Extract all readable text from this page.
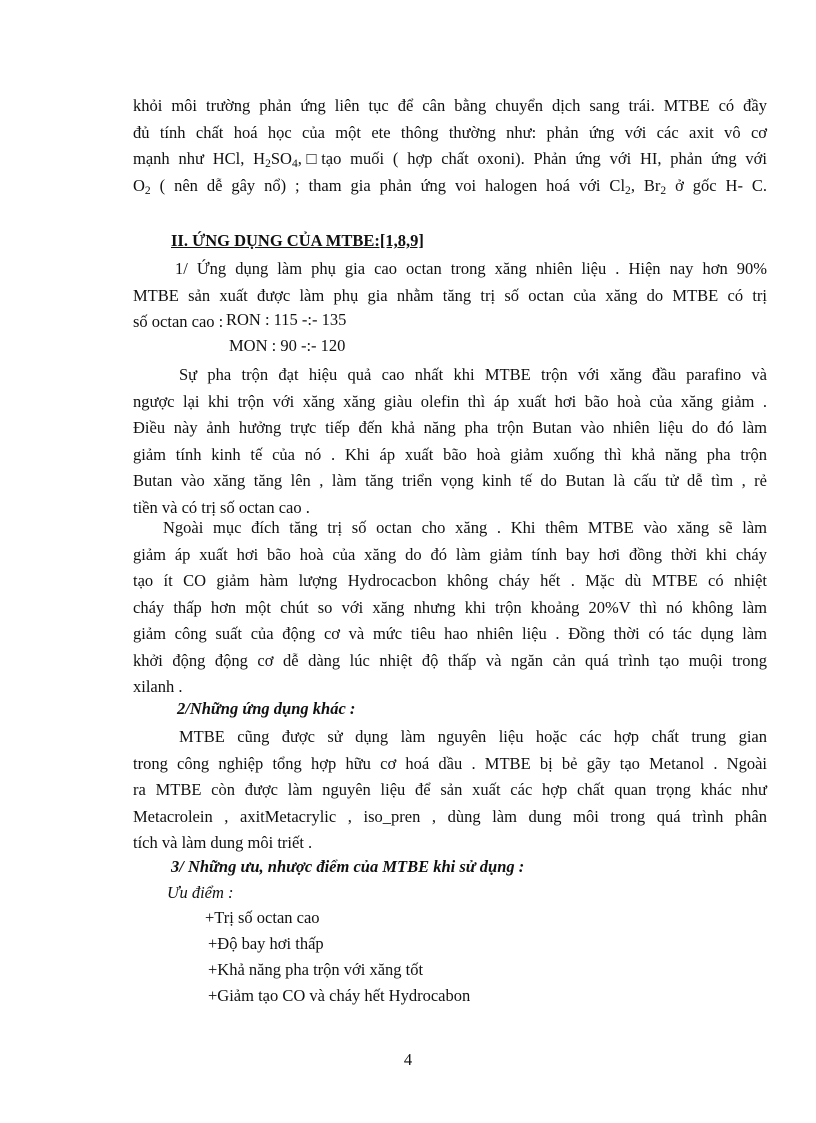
khỏi môi trường phản ứng liên tục để cân bằng chuyển dịch sang trái. MTBE có đầy
đủ tính chất hoá học của một ete thông thường như: phản ứng với các axit vô cơ
mạnh như HCl, $H_2SO_4,□tạo$ muối ( hợp chất oxoni). Phản ứng với HI, phản ứng với
$O_2$ ( nên dễ gây nổ) ; tham gia phản ứng voi halogen hoá với $Cl_2$, $Br_2$ ở gốc H- C.
II. ỨNG DỤNG CỦA MTBE:[1,8,9]
1/ Ứng dụng làm phụ gia cao octan trong xăng nhiên liệu . Hiện nay hơn 90%
MTBE sản xuất được làm phụ gia nhằm tăng trị số octan của xăng do MTBE có trị
số octan cao : RON : 115 -:- 135
MON : 90 -:- 120
Sự pha trộn đạt hiệu quả cao nhất khi MTBE trộn với xăng đầu parafino và
ngược lại khi trộn với xăng xăng giàu olefin thì áp xuất hơi bão hoà của xăng giảm .
Điều này ảnh hưởng trực tiếp đến khả năng pha trộn Butan vào nhiên liệu do đó làm
giảm tính kinh tế của nó . Khi áp xuất bão hoà giảm xuống thì khả năng pha trộn
Butan vào xăng tăng lên , làm tăng triển vọng kinh tế do Butan là cấu tử dễ tìm , rẻ
tiền và có trị số octan cao .
Ngoài mục đích tăng trị số octan cho xăng . Khi thêm MTBE vào xăng sẽ làm
giảm áp xuất hơi bão hoà của xăng do đó làm giảm tính bay hơi đồng thời khi cháy
tạo ít CO giảm hàm lượng Hydrocacbon không cháy hết . Mặc dù MTBE có nhiệt
cháy thấp hơn một chút so với xăng nhưng khi trộn khoảng 20%V thì nó không làm
giảm công suất của động cơ và mức tiêu hao nhiên liệu . Đồng thời có tác dụng làm
khởi động động cơ dễ dàng lúc nhiệt độ thấp và ngăn cản quá trình tạo muội trong
xilanh .
2/Những ứng dụng khác :
MTBE cũng được sử dụng làm nguyên liệu hoặc các hợp chất trung gian
trong công nghiệp tổng hợp hữu cơ hoá dầu . MTBE bị bẻ gãy tạo Metanol . Ngoài
ra MTBE còn được làm nguyên liệu để sản xuất các hợp chất quan trọng khác như
Metacrolein , axitMetacrylic , iso_pren , dùng làm dung môi trong quá trình phân
tích và làm dung môi triết .
3/ Những ưu, nhược điểm của MTBE khi sử dụng :
Ưu điểm :
+Trị số octan cao
+Độ bay hơi thấp
+Khả năng pha trộn với xăng tốt
+Giảm tạo CO và cháy hết Hydrocabon
4
